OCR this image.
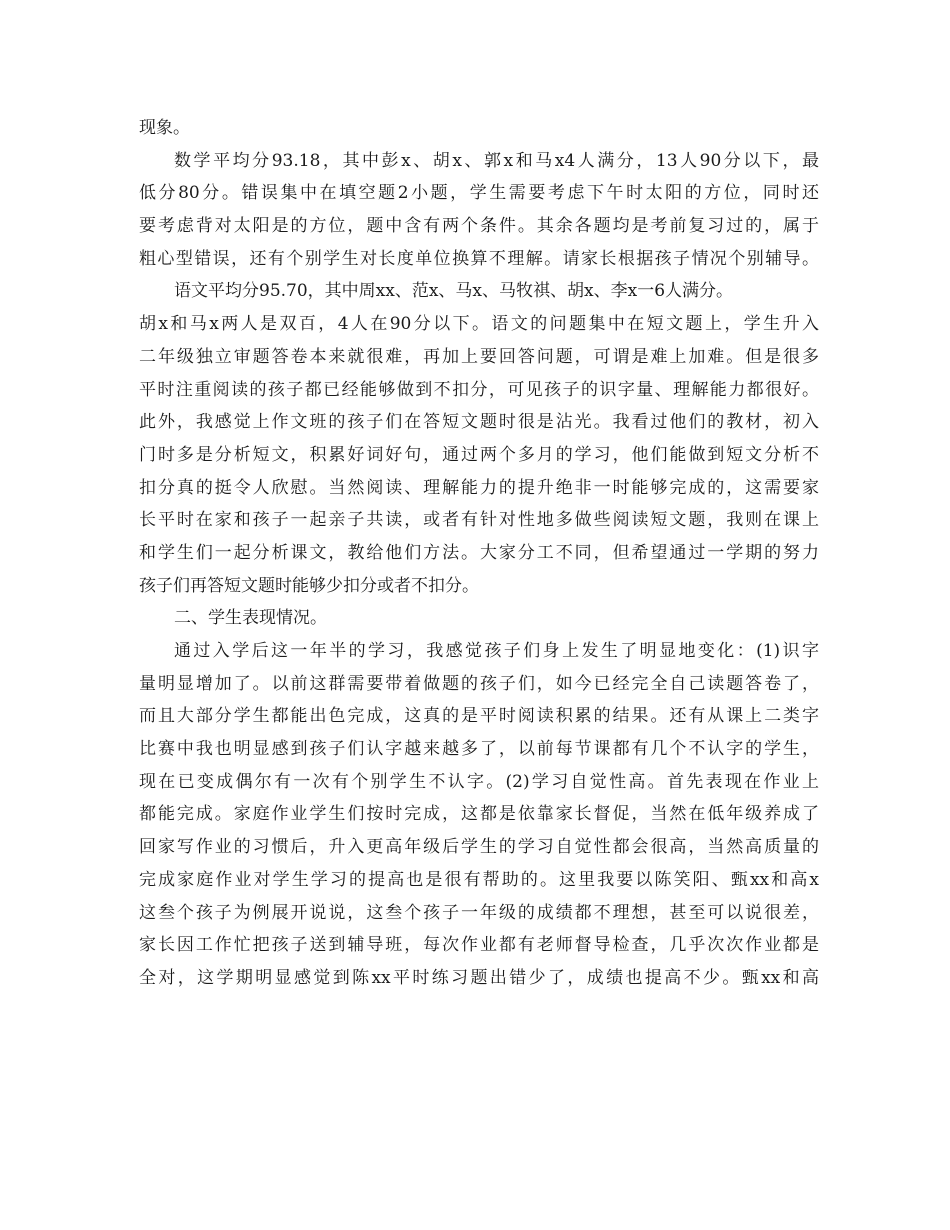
现象。
数学平均分93.18，其中彭x、胡x、郭x和马x4人满分，13人90分以下，最
低分80分。错误集中在填空题2小题，学生需要考虑下午时太阳的方位，同时还
要考虑背对太阳是的方位，题中含有两个条件。其余各题均是考前复习过的，属于
粗心型错误，还有个别学生对长度单位换算不理解。请家长根据孩子情况个别辅导。
语文平均分95.70，其中周xx、范x、马x、马牧祺、胡x、李x一6人满分。
胡x和马x两人是双百，4人在90分以下。语文的问题集中在短文题上，学生升入
二年级独立审题答卷本来就很难，再加上要回答问题，可谓是难上加难。但是很多
平时注重阅读的孩子都已经能够做到不扣分，可见孩子的识字量、理解能力都很好。
此外，我感觉上作文班的孩子们在答短文题时很是沾光。我看过他们的教材，初入
门时多是分析短文，积累好词好句，通过两个多月的学习，他们能做到短文分析不
扣分真的挺令人欣慰。当然阅读、理解能力的提升绝非一时能够完成的，这需要家
长平时在家和孩子一起亲子共读，或者有针对性地多做些阅读短文题，我则在课上
和学生们一起分析课文，教给他们方法。大家分工不同，但希望通过一学期的努力
孩子们再答短文题时能够少扣分或者不扣分。
二、学生表现情况。
通过入学后这一年半的学习，我感觉孩子们身上发生了明显地变化：(1)识字
量明显增加了。以前这群需要带着做题的孩子们，如今已经完全自己读题答卷了，
而且大部分学生都能出色完成，这真的是平时阅读积累的结果。还有从课上二类字
比赛中我也明显感到孩子们认字越来越多了，以前每节课都有几个不认字的学生，
现在已变成偶尔有一次有个别学生不认字。(2)学习自觉性高。首先表现在作业上
都能完成。家庭作业学生们按时完成，这都是依靠家长督促，当然在低年级养成了
回家写作业的习惯后，升入更高年级后学生的学习自觉性都会很高，当然高质量的
完成家庭作业对学生学习的提高也是很有帮助的。这里我要以陈笑阳、甄xx和高x
这叁个孩子为例展开说说，这叁个孩子一年级的成绩都不理想，甚至可以说很差，
家长因工作忙把孩子送到辅导班，每次作业都有老师督导检查，几乎次次作业都是
全对，这学期明显感觉到陈xx平时练习题出错少了，成绩也提高不少。甄xx和高
